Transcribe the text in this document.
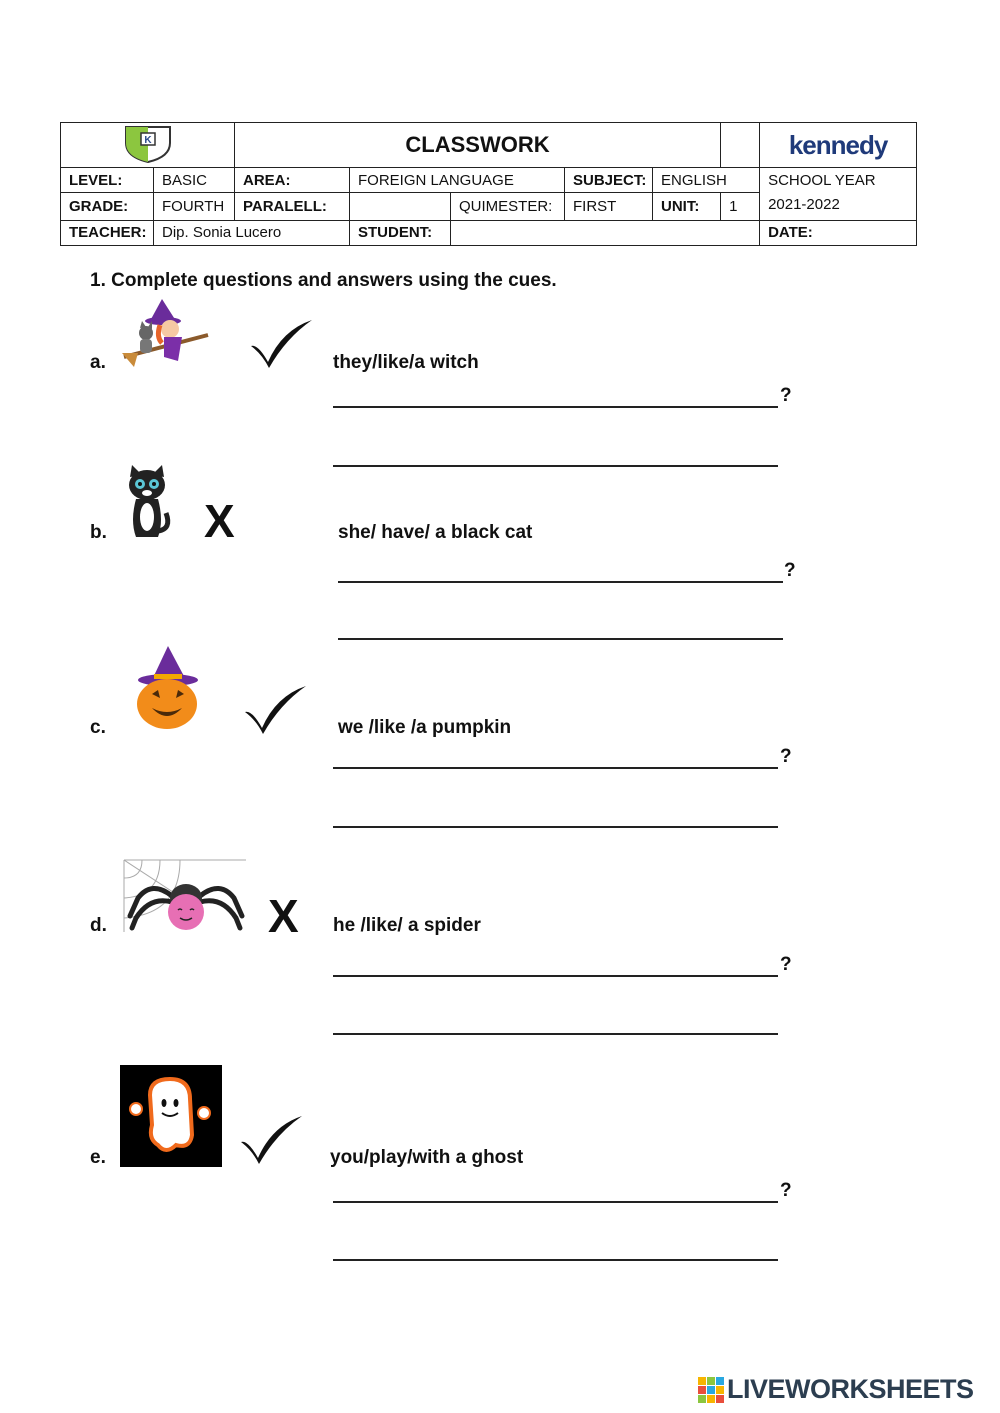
K		CLASSWORK						kennedy
LEVEL:	BASIC	AREA:	FOREIGN LANGUAGE		SUBJECT:	ENGLISH		SCHOOL YEAR
GRADE:	FOURTH	PARALELL:		QUIMESTER:	FIRST	UNIT:	1	2021-2022
TEACHER:	Dip. Sonia Lucero		STUDENT:					DATE:
1. Complete questions and answers using the cues.
a.	they/like/a witch
?
b. X	she/ have/ a black cat
?
c.	we /like /a pumpkin
?
d.	X he /like/ a spider
?
e.	you/play/with a ghost
?
LIVEWORKSHEETS
